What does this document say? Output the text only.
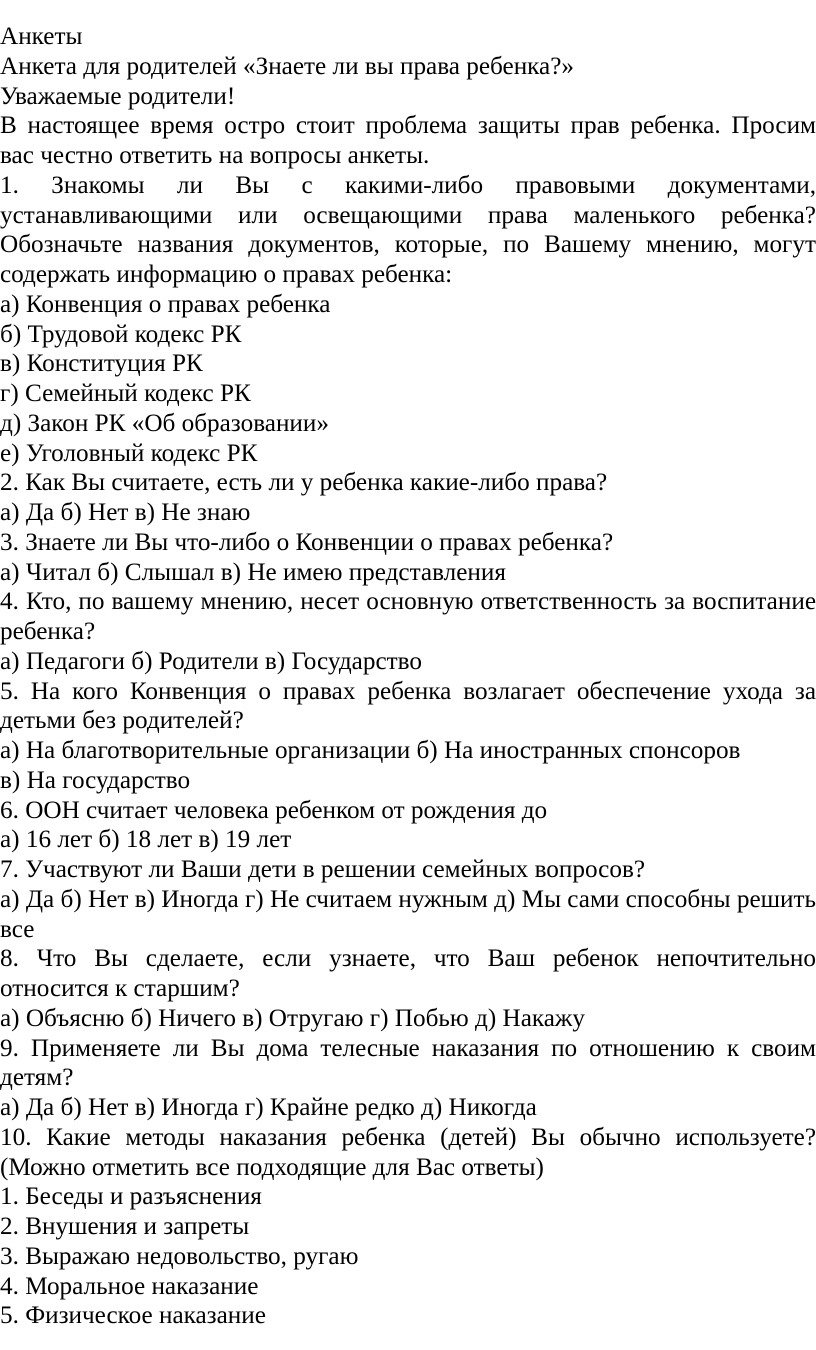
Анкеты

Анкета для родителей «Знаете ли вы права ребенка?»

Уважаемые родители!

В настоящее время остро стоит проблема защиты прав ребенка. Просим вас честно ответить на вопросы анкеты.

1. Знакомы ли Вы с какими-либо правовыми документами, устанавливающими или освещающими права маленького ребенка? Обозначьте названия документов, которые, по Вашему мнению, могут содержать информацию о правах ребенка:

а) Конвенция о правах ребенка

б) Трудовой кодекс РК

в) Конституция РК

г) Семейный кодекс РК

д) Закон РК «Об образовании»

е) Уголовный кодекс РК

2. Как Вы считаете, есть ли у ребенка какие-либо права?

а) Да б) Нет в) Не знаю

3. Знаете ли Вы что-либо о Конвенции о правах ребенка?

а) Читал б) Слышал в) Не имею представления

4. Кто, по вашему мнению, несет основную ответственность за воспитание ребенка?

а) Педагоги б) Родители в) Государство

5. На кого Конвенция о правах ребенка возлагает обеспечение ухода за детьми без родителей?

а) На благотворительные организации б) На иностранных спонсоров

в) На государство

6. ООН считает человека ребенком от рождения до

а) 16 лет б) 18 лет в) 19 лет

7. Участвуют ли Ваши дети в решении семейных вопросов?

а) Да б) Нет в) Иногда г) Не считаем нужным д) Мы сами способны решить все

8. Что Вы сделаете, если узнаете, что Ваш ребенок непочтительно относится к старшим?

а) Объясню б) Ничего в) Отругаю г) Побью д) Накажу

9. Применяете ли Вы дома телесные наказания по отношению к своим детям?

а) Да б) Нет в) Иногда г) Крайне редко д) Никогда

10. Какие методы наказания ребенка (детей) Вы обычно используете? (Можно отметить все подходящие для Вас ответы)

1. Беседы и разъяснения

2. Внушения и запреты

3. Выражаю недовольство, ругаю

4. Моральное наказание

5. Физическое наказание
